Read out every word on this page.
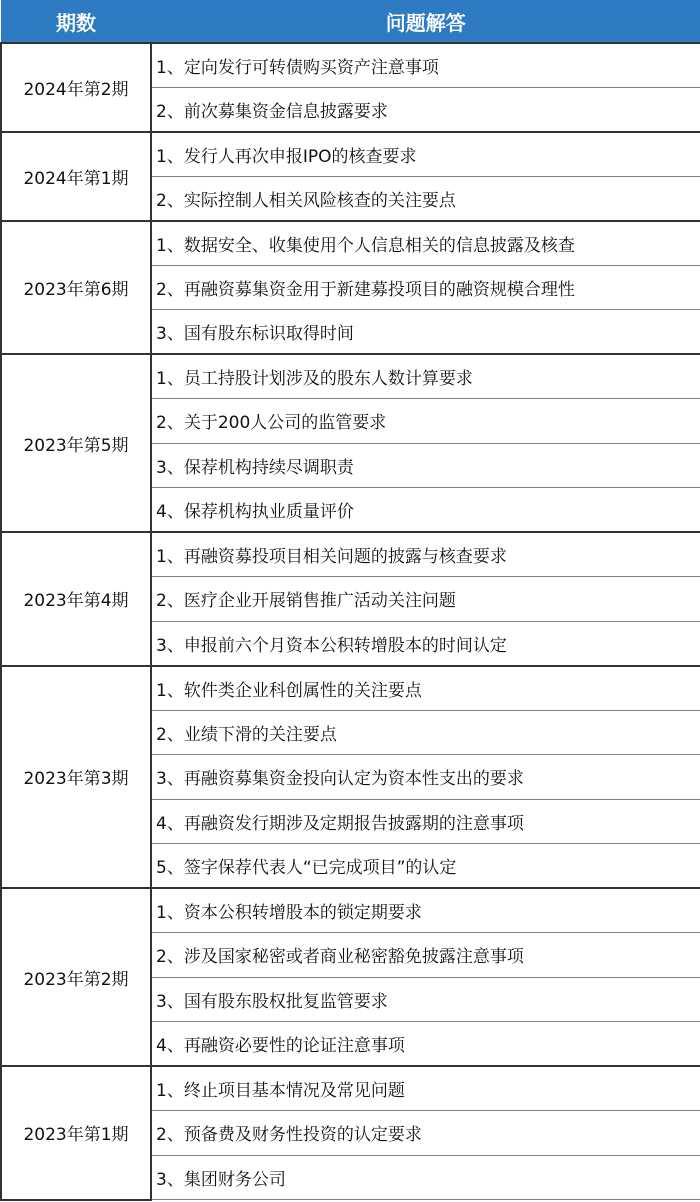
期数	问题解答
2024年第2期	1、定向发行可转债购买资产注意事项
	2、前次募集资金信息披露要求
2024年第1期	1、发行人再次申报IPO的核查要求
	2、实际控制人相关风险核查的关注要点
2023年第6期	1、数据安全、收集使用个人信息相关的信息披露及核查
	2、再融资募集资金用于新建募投项目的融资规模合理性
	3、国有股东标识取得时间
2023年第5期	1、员工持股计划涉及的股东人数计算要求
	2、关于200人公司的监管要求
	3、保荐机构持续尽调职责
	4、保荐机构执业质量评价
2023年第4期	1、再融资募投项目相关问题的披露与核查要求
	2、医疗企业开展销售推广活动关注问题
	3、申报前六个月资本公积转增股本的时间认定
2023年第3期	1、软件类企业科创属性的关注要点
	2、业绩下滑的关注要点
	3、再融资募集资金投向认定为资本性支出的要求
	4、再融资发行期涉及定期报告披露期的注意事项
	5、签字保荐代表人“已完成项目”的认定
2023年第2期	1、资本公积转增股本的锁定期要求
	2、涉及国家秘密或者商业秘密豁免披露注意事项
	3、国有股东股权批复监管要求
	4、再融资必要性的论证注意事项
2023年第1期	1、终止项目基本情况及常见问题
	2、预备费及财务性投资的认定要求
	3、集团财务公司
